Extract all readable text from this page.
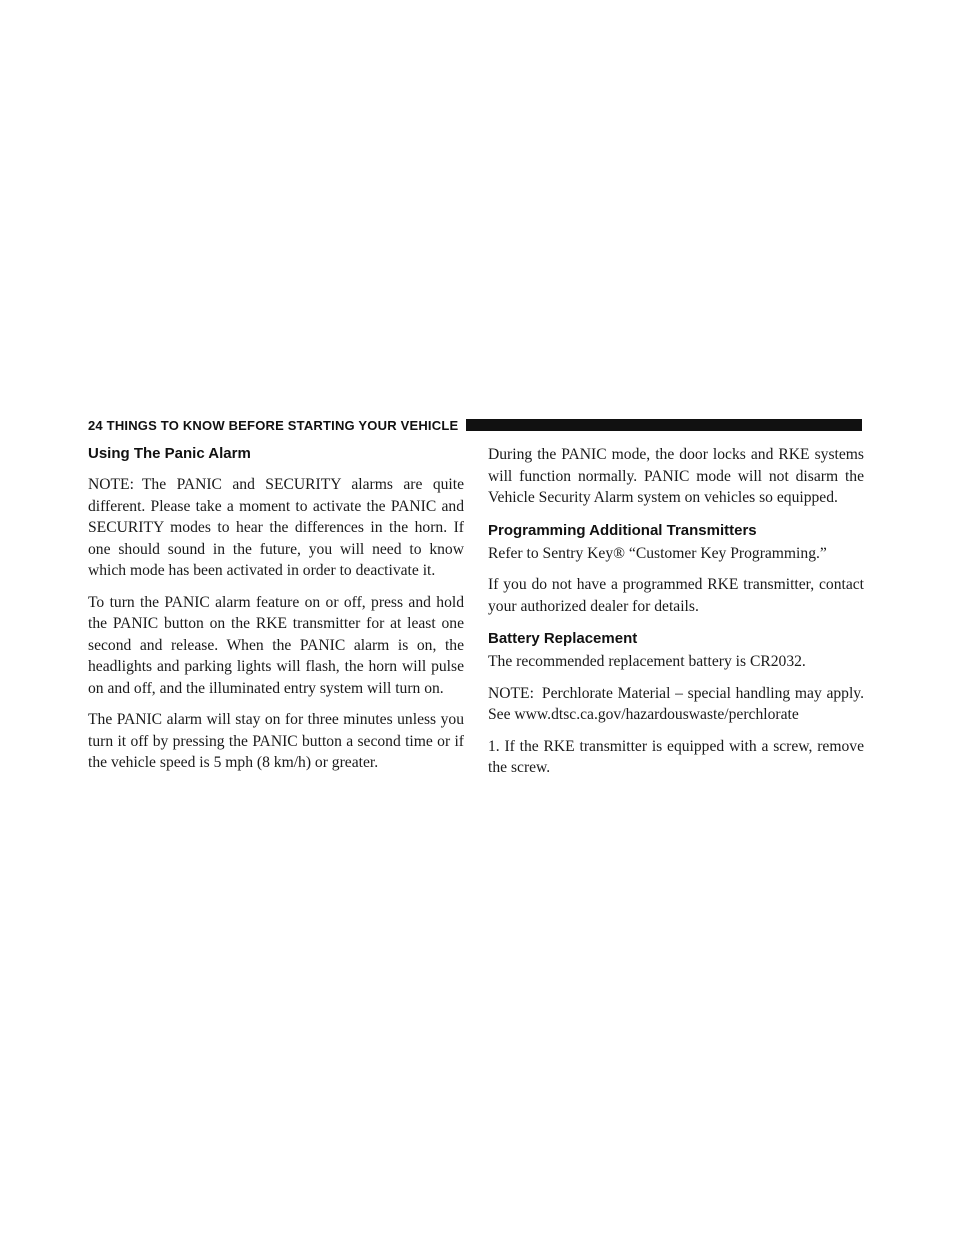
24 THINGS TO KNOW BEFORE STARTING YOUR VEHICLE
Using The Panic Alarm

NOTE: The PANIC and SECURITY alarms are quite different. Please take a moment to activate the PANIC and SECURITY modes to hear the differences in the horn. If one should sound in the future, you will need to know which mode has been activated in order to deactivate it.

To turn the PANIC alarm feature on or off, press and hold the PANIC button on the RKE transmitter for at least one second and release. When the PANIC alarm is on, the headlights and parking lights will flash, the horn will pulse on and off, and the illuminated entry system will turn on.

The PANIC alarm will stay on for three minutes unless you turn it off by pressing the PANIC button a second time or if the vehicle speed is 5 mph (8 km/h) or greater.

During the PANIC mode, the door locks and RKE systems will function normally. PANIC mode will not disarm the Vehicle Security Alarm system on vehicles so equipped.

Programming Additional Transmitters

Refer to Sentry Key® “Customer Key Programming.”

If you do not have a programmed RKE transmitter, contact your authorized dealer for details.

Battery Replacement

The recommended replacement battery is CR2032.

NOTE: Perchlorate Material – special handling may apply. See www.dtsc.ca.gov/hazardouswaste/perchlorate

1. If the RKE transmitter is equipped with a screw, remove the screw.
